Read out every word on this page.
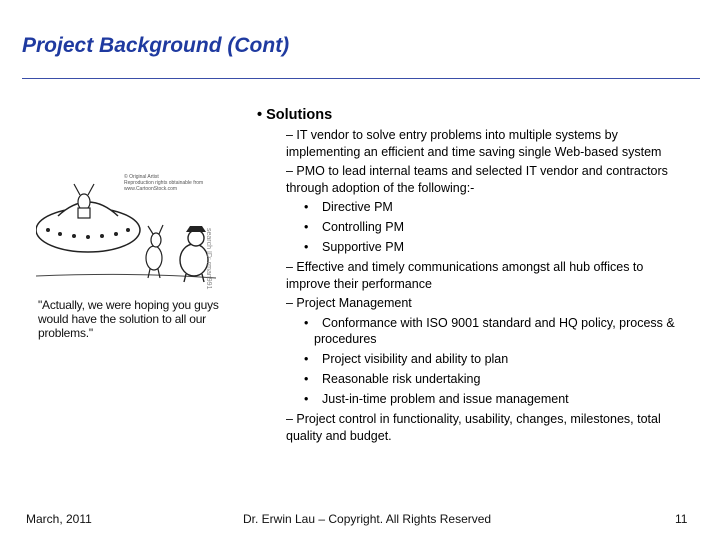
Project Background (Cont)
© Original Artist
Reproduction rights obtainable from
www.CartoonStock.com
search ID: rman991
"Actually, we were hoping you guys would have the solution to all our problems."
• Solutions
– IT vendor to solve entry problems into multiple systems by implementing an efficient and time saving single Web-based system
– PMO to lead internal teams and selected IT vendor and contractors through adoption of the following:-
• Directive PM
• Controlling PM
• Supportive PM
– Effective and timely communications amongst all hub offices to improve their performance
– Project Management
• Conformance with ISO 9001 standard and HQ policy, process & procedures
• Project visibility and ability to plan
• Reasonable risk undertaking
• Just-in-time problem and issue management
– Project control in functionality, usability, changes, milestones, total quality and budget.
March, 2011	Dr. Erwin Lau – Copyright. All Rights Reserved	11
